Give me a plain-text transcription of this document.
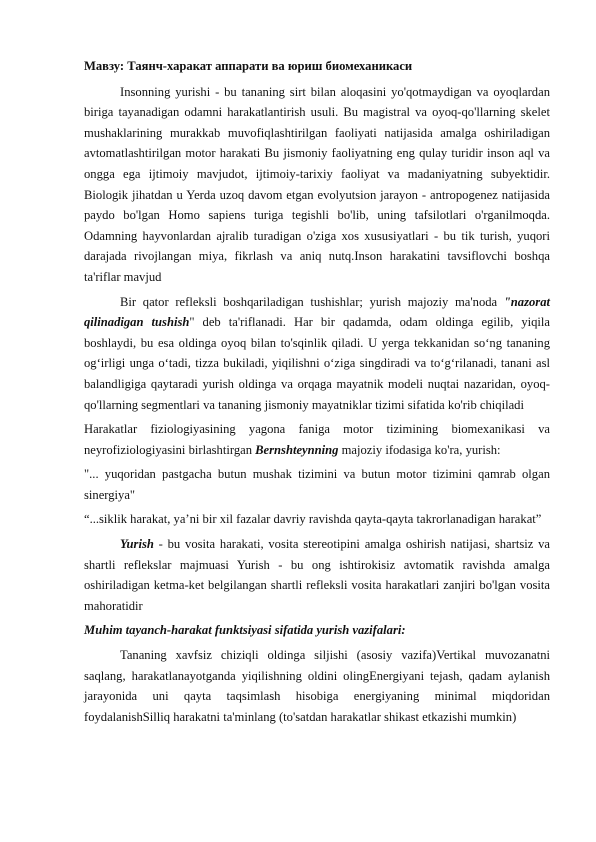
Мавзу: Таянч-харакат аппарати ва юриш биомеханикаси

Insonning yurishi - bu tananing sirt bilan aloqasini yo'qotmaydigan va oyoqlardan biriga tayanadigan odamni harakatlantirish usuli. Bu magistral va oyoq-qo'llarning skelet mushaklarining murakkab muvofiqlashtirilgan faoliyati natijasida amalga oshiriladigan avtomatlashtirilgan motor harakati Bu jismoniy faoliyatning eng qulay turidir inson aql va ongga ega ijtimoiy mavjudot, ijtimoiy-tarixiy faoliyat va madaniyatning subyektidir. Biologik jihatdan u Yerda uzoq davom etgan evolyutsion jarayon - antropogenez natijasida paydo bo'lgan Homo sapiens turiga tegishli bo'lib, uning tafsilotlari o'rganilmoqda. Odamning hayvonlardan ajralib turadigan o'ziga xos xususiyatlari - bu tik turish, yuqori darajada rivojlangan miya, fikrlash va aniq nutq.Inson harakatini tavsiflovchi boshqa ta'riflar mavjud

Bir qator refleksli boshqariladigan tushishlar; yurish majoziy ma'noda "nazorat qilinadigan tushish" deb ta'riflanadi. Har bir qadamda, odam oldinga egilib, yiqila boshlaydi, bu esa oldinga oyoq bilan to'sqinlik qiladi. U yerga tekkanidan so‘ng tananing og‘irligi unga o‘tadi, tizza bukiladi, yiqilishni o‘ziga singdiradi va to‘g‘rilanadi, tanani asl balandligiga qaytaradi yurish oldinga va orqaga mayatnik modeli nuqtai nazaridan, oyoq-qo'llarning segmentlari va tananing jismoniy mayatniklar tizimi sifatida ko'rib chiqiladi

Harakatlar fiziologiyasining yagona faniga motor tizimining biomexanikasi va neyrofiziologiyasini birlashtirgan Bernshteynning majoziy ifodasiga ko'ra, yurish:

"... yuqoridan pastgacha butun mushak tizimini va butun motor tizimini qamrab olgan sinergiya"

“...siklik harakat, ya’ni bir xil fazalar davriy ravishda qayta-qayta takrorlanadigan harakat”

Yurish - bu vosita harakati, vosita stereotipini amalga oshirish natijasi, shartsiz va shartli reflekslar majmuasi Yurish - bu ong ishtirokisiz avtomatik ravishda amalga oshiriladigan ketma-ket belgilangan shartli refleksli vosita harakatlari zanjiri bo'lgan vosita mahoratidir

Muhim tayanch-harakat funktsiyasi sifatida yurish vazifalari:

Tananing xavfsiz chiziqli oldinga siljishi (asosiy vazifa)Vertikal muvozanatni saqlang, harakatlanayotganda yiqilishning oldini olingEnergiyani tejash, qadam aylanish jarayonida uni qayta taqsimlash hisobiga energiyaning minimal miqdoridan foydalanishSilliq harakatni ta'minlang (to'satdan harakatlar shikast etkazishi mumkin)
